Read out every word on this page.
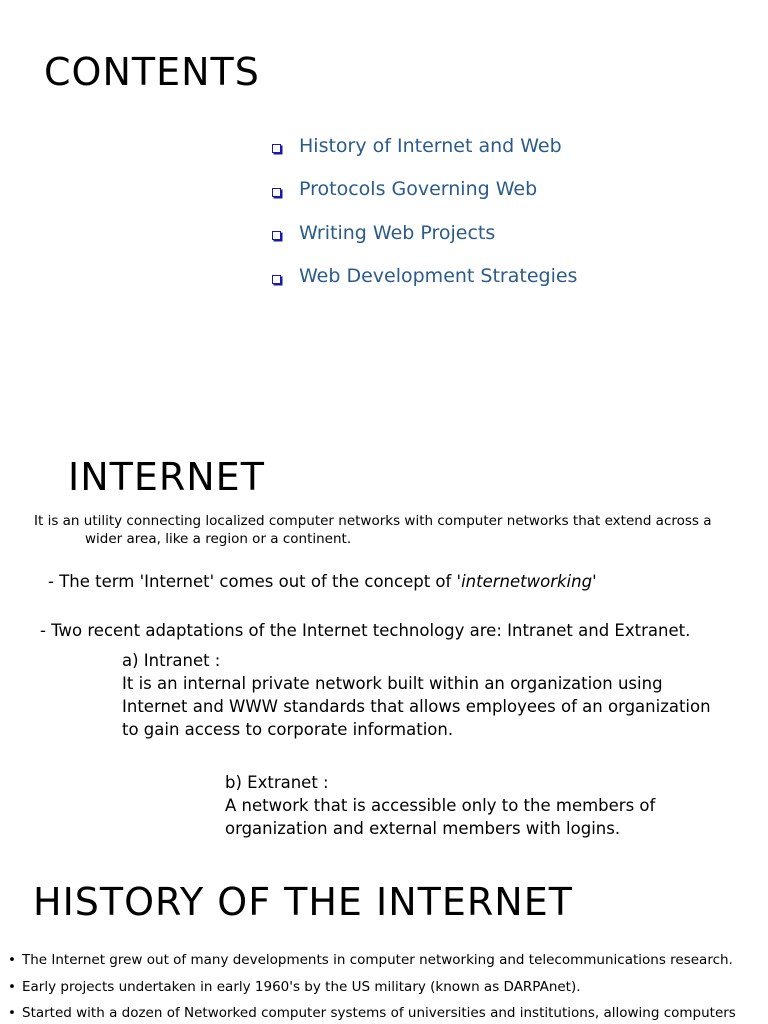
CONTENTS
History of Internet and Web
Protocols Governing Web
Writing Web Projects
Web Development Strategies
INTERNET
It is an utility connecting localized computer networks with computer networks that extend across a
wider area, like a region or a continent.
- The term 'Internet' comes out of the concept of 'internetworking'
- Two recent adaptations of the Internet technology are: Intranet and Extranet.
a) Intranet :
It is an internal private network built within an organization using
Internet and WWW standards that allows employees of an organization
to gain access to corporate information.
b) Extranet :
A network that is accessible only to the members of
organization and external members with logins.
HISTORY OF THE INTERNET
• The Internet grew out of many developments in computer networking and telecommunications research.
• Early projects undertaken in early 1960's by the US military (known as DARPAnet).
• Started with a dozen of Networked computer systems of universities and institutions, allowing computers
